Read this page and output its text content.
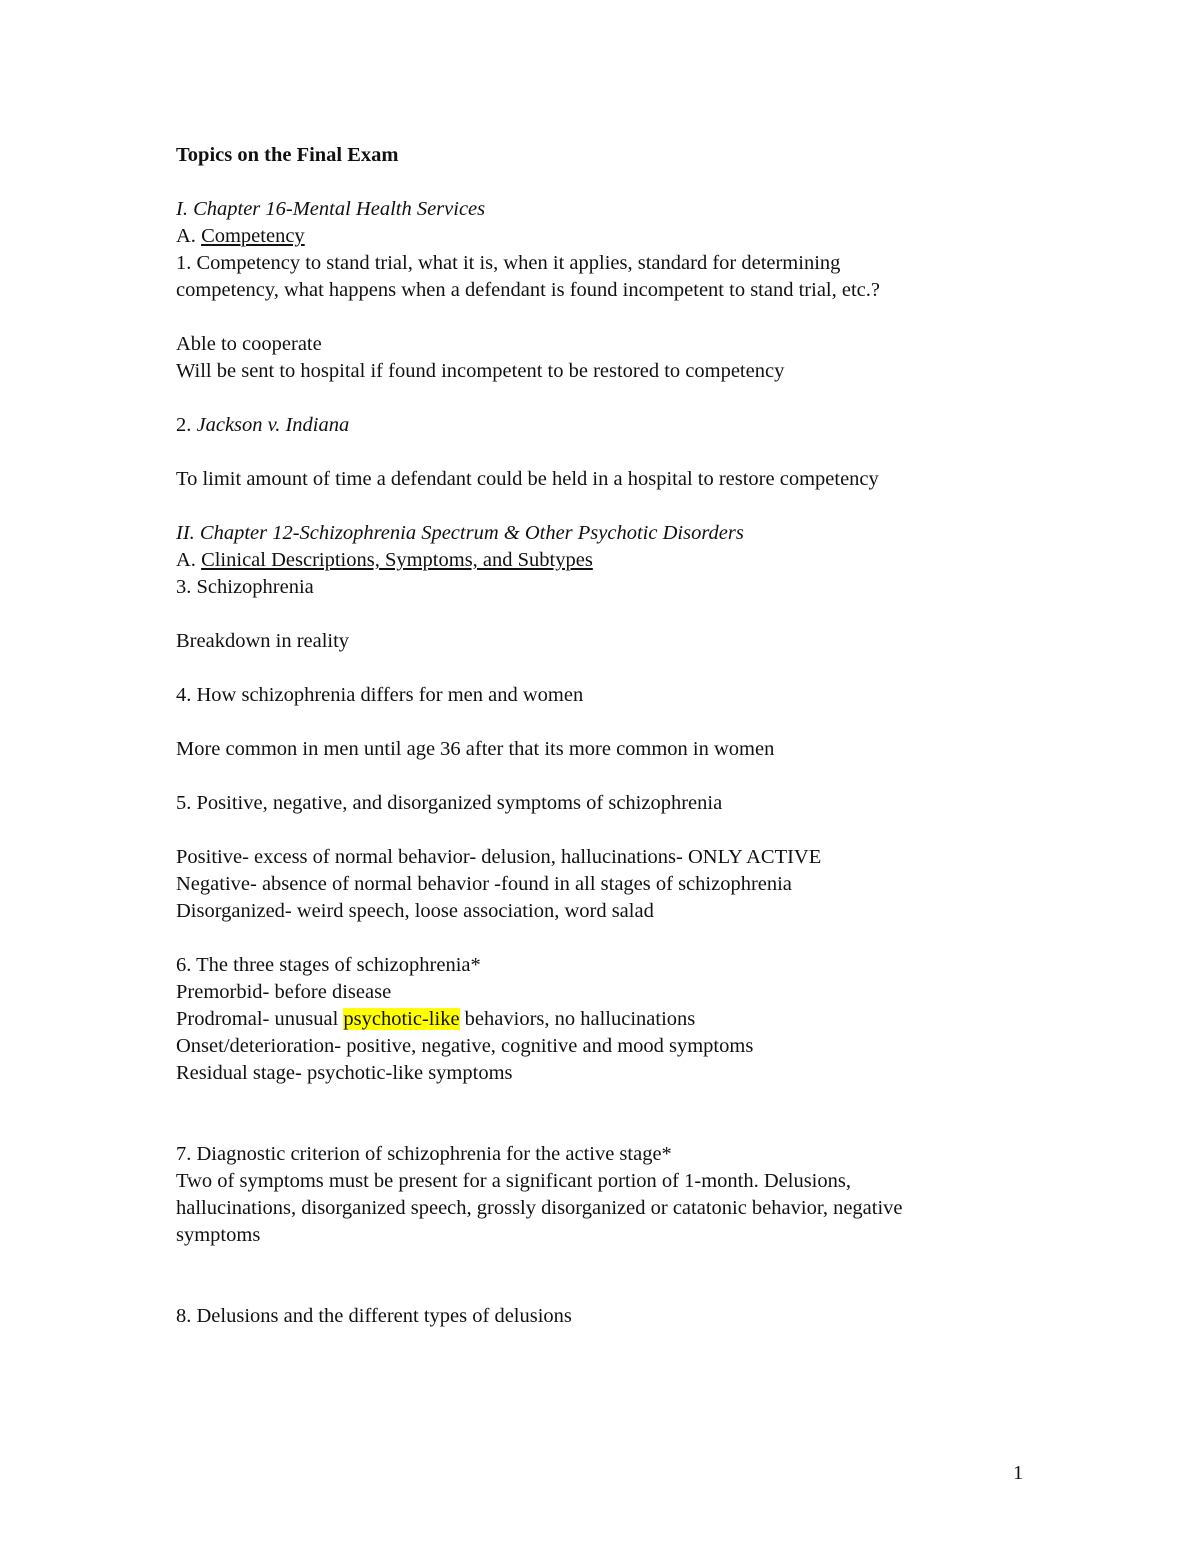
Topics on the Final Exam
I. Chapter 16-Mental Health Services
A. Competency
1. Competency to stand trial, what it is, when it applies, standard for determining
competency, what happens when a defendant is found incompetent to stand trial, etc.?
Able to cooperate
Will be sent to hospital if found incompetent to be restored to competency
2. Jackson v. Indiana
To limit amount of time a defendant could be held in a hospital to restore competency
II. Chapter 12-Schizophrenia Spectrum & Other Psychotic Disorders
A. Clinical Descriptions, Symptoms, and Subtypes
3. Schizophrenia
Breakdown in reality
4. How schizophrenia differs for men and women
More common in men until age 36 after that its more common in women
5. Positive, negative, and disorganized symptoms of schizophrenia
Positive- excess of normal behavior- delusion, hallucinations- ONLY ACTIVE
Negative- absence of normal behavior -found in all stages of schizophrenia
Disorganized- weird speech, loose association, word salad
6. The three stages of schizophrenia*
Premorbid- before disease
Prodromal- unusual psychotic-like behaviors, no hallucinations
Onset/deterioration- positive, negative, cognitive and mood symptoms
Residual stage- psychotic-like symptoms
7. Diagnostic criterion of schizophrenia for the active stage*
Two of symptoms must be present for a significant portion of 1-month. Delusions,
hallucinations, disorganized speech, grossly disorganized or catatonic behavior, negative
symptoms
8. Delusions and the different types of delusions
1
